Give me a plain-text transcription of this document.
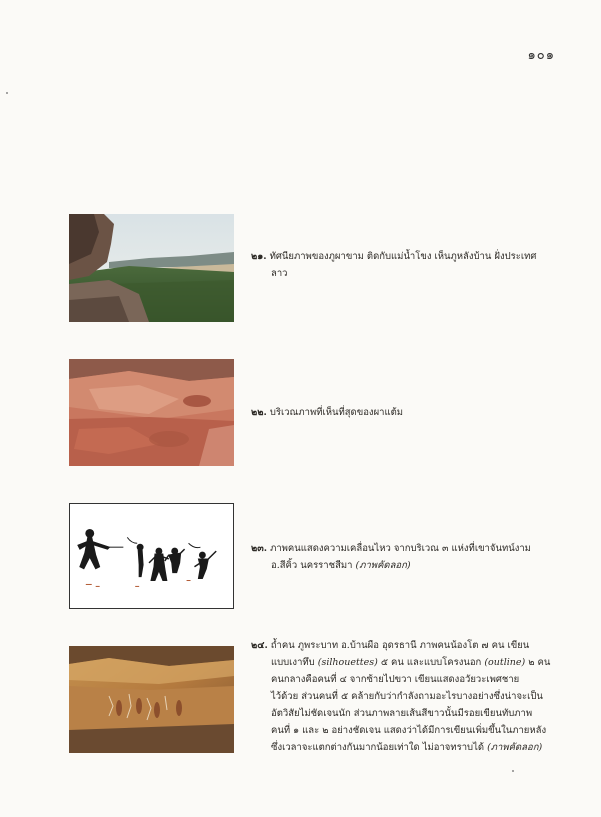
๑๐๑
๒๑. ทัศนียภาพของภูผาขาม ติดกับแม่น้ำโขง เห็นภูหลังบ้าน ฝั่งประเทศ
ลาว
๒๒. บริเวณภาพที่เห็นที่สุดของผาแต้ม
๒๓. ภาพคนแสดงความเคลื่อนไหว จากบริเวณ ๓ แห่งที่เขาจันทน์งาม
อ.สีคิ้ว นครราชสีมา (ภาพคัดลอก)
๒๔. ถ้ำคน ภูพระบาท อ.บ้านผือ อุดรธานี ภาพคนน้องโต ๗ คน เขียน
แบบเงาทึบ (silhouettes) ๕ คน และแบบโครงนอก (outline) ๒ คน
คนกลางคือคนที่ ๔ จากซ้ายไปขวา เขียนแสดงอวัยวะเพศชาย
ไว้ด้วย ส่วนคนที่ ๕ คล้ายกับว่ากำลังถามอะไรบางอย่างซึ่งน่าจะเป็น
อัตวิสัยไม่ชัดเจนนัก ส่วนภาพลายเส้นสีขาวนั้นมีรอยเขียนทับภาพ
คนที่ ๑ และ ๒ อย่างชัดเจน แสดงว่าได้มีการเขียนเพิ่มขึ้นในภายหลัง
ซึ่งเวลาจะแตกต่างกันมากน้อยเท่าใด ไม่อาจทราบได้ (ภาพคัดลอก)
